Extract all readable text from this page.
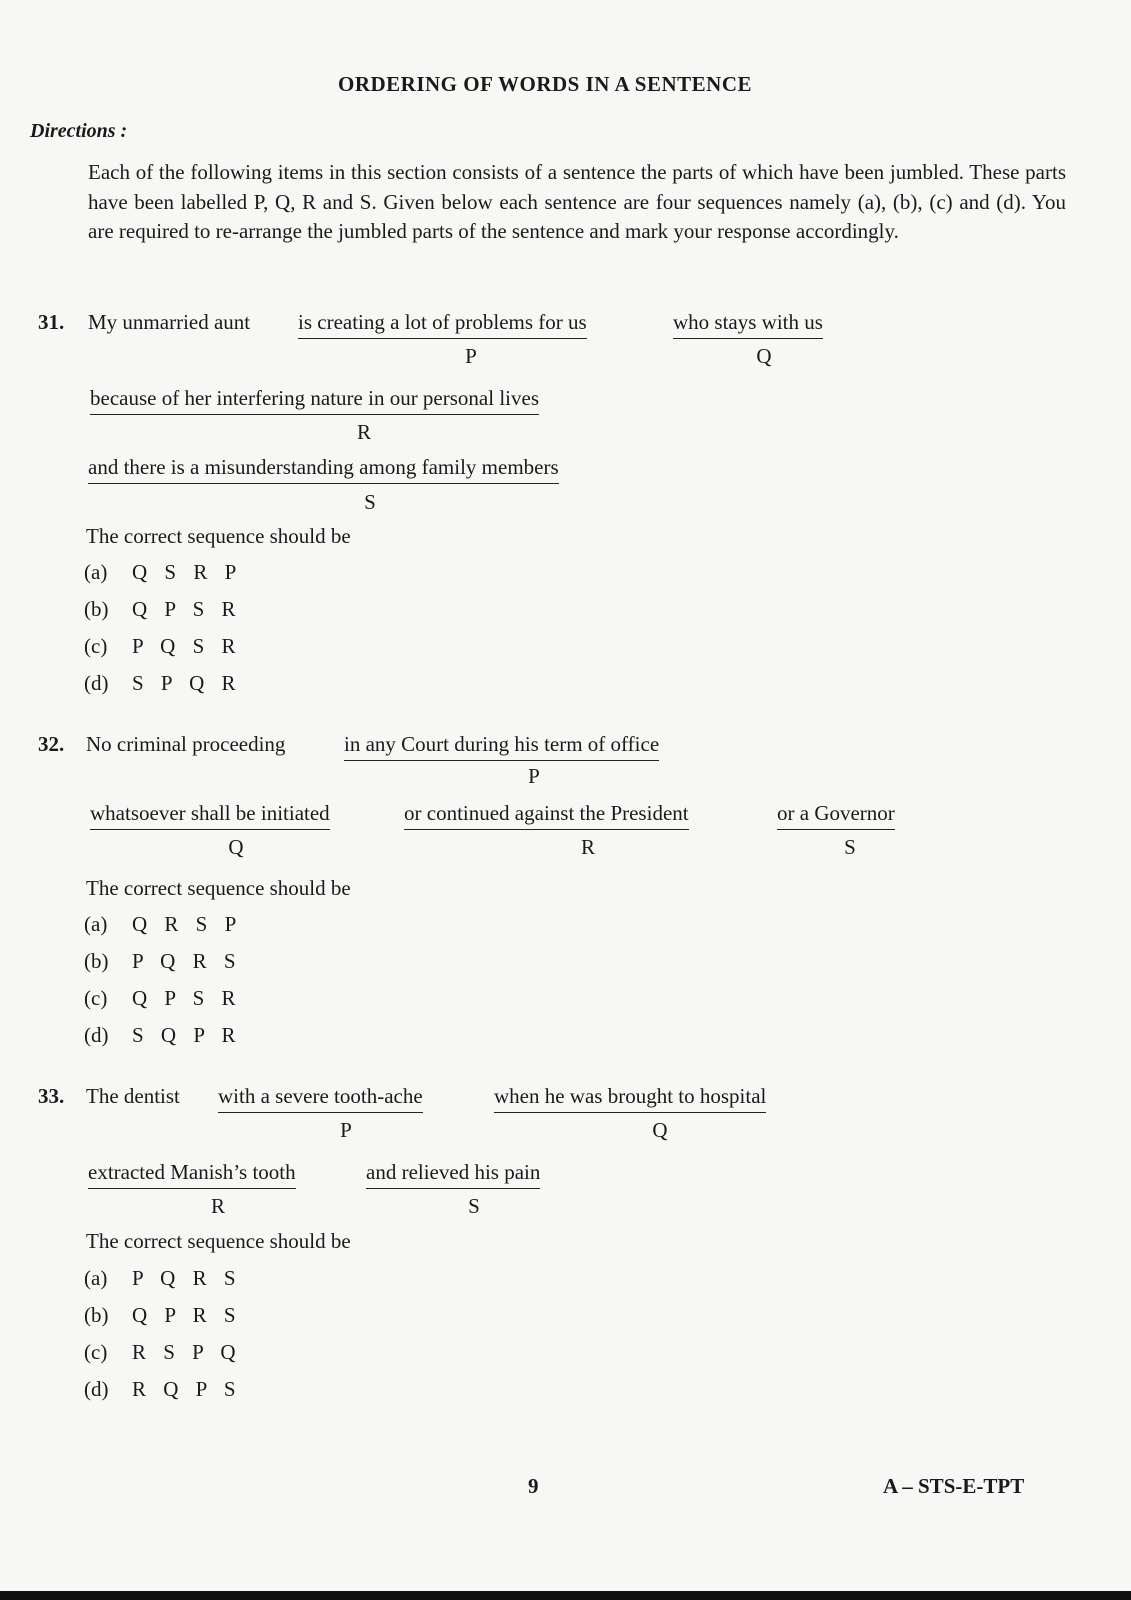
ORDERING OF WORDS IN A SENTENCE
Directions :
Each of the following items in this section consists of a sentence the parts of which have been jumbled. These parts have been labelled P, Q, R and S. Given below each sentence are four sequences namely (a), (b), (c) and (d). You are required to re-arrange the jumbled parts of the sentence and mark your response accordingly.
31. My unmarried aunt is creating a lot of problems for us
P
who stays with us
Q
because of her interfering nature in our personal lives
R
and there is a misunderstanding among family members
S
The correct sequence should be
(a) Q S R P
(b) Q P S R
(c) P Q S R
(d) S P Q R
32. No criminal proceeding	in any Court during his term of office
P
whatsoever shall be initiated
Q
or continued against the President
R
or a Governor
S
The correct sequence should be
(a) Q R S P
(b) P Q R S
(c) Q P S R
(d) S Q P R
33. The dentist with a severe tooth-ache
P
when he was brought to hospital
Q
extracted Manish’s tooth
R
and relieved his pain
S
The correct sequence should be
(a) P Q R S
(b) Q P R S
(c) R S P Q
(d) R Q P S
9	A – STS-E-TPT
